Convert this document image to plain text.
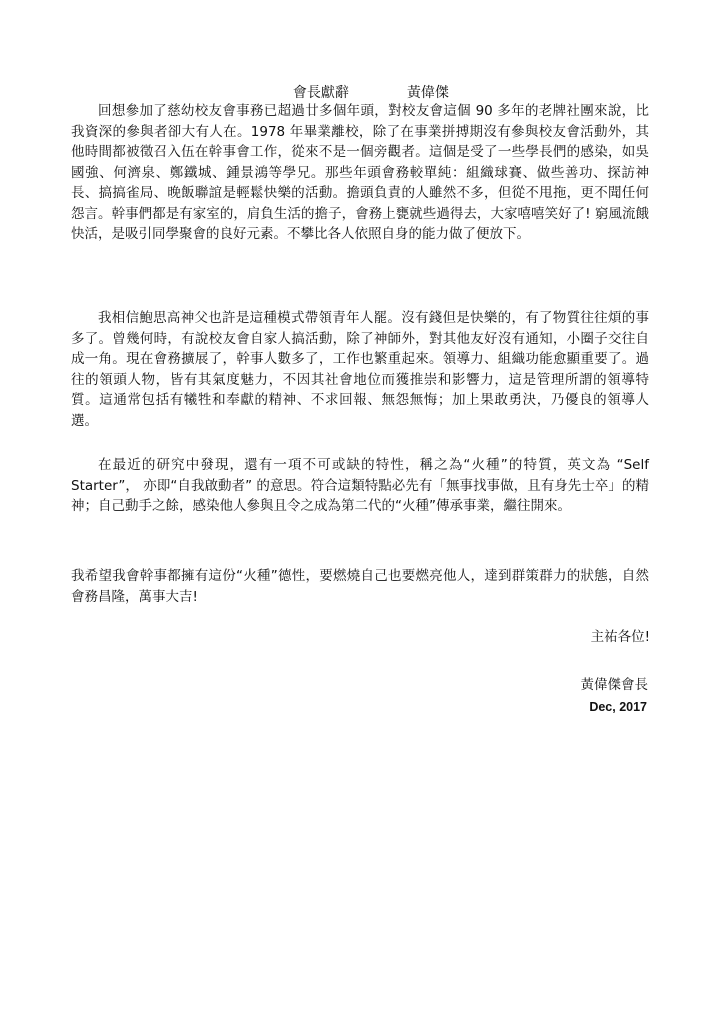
會長獻辭	黃偉傑

回想參加了慈幼校友會事務已超過廿多個年頭，對校友會這個 90 多年的老牌社團來說，比我資深的參與者卻大有人在。1978 年畢業離校，除了在事業拼搏期沒有參與校友會活動外，其他時間都被徵召入伍在幹事會工作，從來不是一個旁觀者。這個是受了一些學長們的感染，如吳國強、何濟泉、鄭鐵城、鍾景鴻等學兄。那些年頭會務較單純：組織球賽、做些善功、探訪神長、搞搞雀局、晚飯聯誼是輕鬆快樂的活動。擔頭負責的人雖然不多，但從不甩拖，更不聞任何怨言。幹事們都是有家室的，肩負生活的擔子，會務上甕就些過得去，大家嘻嘻笑好了! 窮風流餓快活，是吸引同學聚會的良好元素。不攀比各人依照自身的能力做了便放下。

我相信鮑思高神父也許是這種模式帶領青年人罷。沒有錢但是快樂的，有了物質往往煩的事多了。曾幾何時，有說校友會自家人搞活動，除了神師外，對其他友好沒有通知，小圈子交往自成一角。現在會務擴展了，幹事人數多了，工作也繁重起來。領導力、組織功能愈顯重要了。過往的領頭人物，皆有其氣度魅力，不因其社會地位而獲推崇和影響力，這是管理所謂的領導特質。這通常包括有犧牲和奉獻的精神、不求回報、無怨無悔；加上果敢勇決，乃優良的領導人選。

在最近的研究中發現，還有一項不可或缺的特性，稱之為“火種”的特質，英文為 “Self Starter”， 亦即“自我啟動者” 的意思。符合這類特點必先有「無事找事做，且有身先士卒」的精神；自己動手之餘，感染他人參與且令之成為第二代的“火種”傳承事業，繼往開來。

我希望我會幹事都擁有這份“火種”德性，要燃燒自己也要燃亮他人，達到群策群力的狀態，自然會務昌隆，萬事大吉!

主祐各位!
黃偉傑會長
Dec, 2017
